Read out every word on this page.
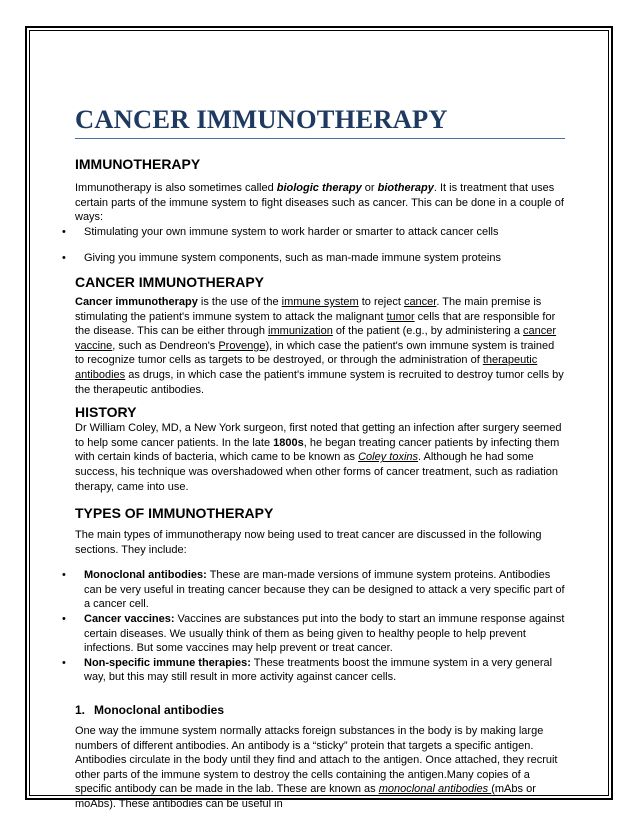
CANCER IMMUNOTHERAPY
IMMUNOTHERAPY

Immunotherapy is also sometimes called biologic therapy or biotherapy. It is treatment that uses certain parts of the immune system to fight diseases such as cancer. This can be done in a couple of ways:

• Stimulating your own immune system to work harder or smarter to attack cancer cells
• Giving you immune system components, such as man-made immune system proteins
CANCER IMMUNOTHERAPY

Cancer immunotherapy is the use of the immune system to reject cancer. The main premise is stimulating the patient's immune system to attack the malignant tumor cells that are responsible for the disease. This can be either through immunization of the patient (e.g., by administering a cancer vaccine, such as Dendreon's Provenge), in which case the patient's own immune system is trained to recognize tumor cells as targets to be destroyed, or through the administration of therapeutic antibodies as drugs, in which case the patient's immune system is recruited to destroy tumor cells by the therapeutic antibodies.

HISTORY

Dr William Coley, MD, a New York surgeon, first noted that getting an infection after surgery seemed to help some cancer patients. In the late 1800s, he began treating cancer patients by infecting them with certain kinds of bacteria, which came to be known as Coley toxins. Although he had some success, his technique was overshadowed when other forms of cancer treatment, such as radiation therapy, came into use.

TYPES OF IMMUNOTHERAPY

The main types of immunotherapy now being used to treat cancer are discussed in the following sections. They include:

• Monoclonal antibodies: These are man-made versions of immune system proteins. Antibodies can be very useful in treating cancer because they can be designed to attack a very specific part of a cancer cell.
• Cancer vaccines: Vaccines are substances put into the body to start an immune response against certain diseases. We usually think of them as being given to healthy people to help prevent infections. But some vaccines may help prevent or treat cancer.
• Non-specific immune therapies: These treatments boost the immune system in a very general way, but this may still result in more activity against cancer cells.
1. Monoclonal antibodies

One way the immune system normally attacks foreign substances in the body is by making large numbers of different antibodies. An antibody is a “sticky” protein that targets a specific antigen. Antibodies circulate in the body until they find and attach to the antigen. Once attached, they recruit other parts of the immune system to destroy the cells containing the antigen.Many copies of a specific antibody can be made in the lab. These are known as monoclonal antibodies (mAbs or moAbs). These antibodies can be useful in
